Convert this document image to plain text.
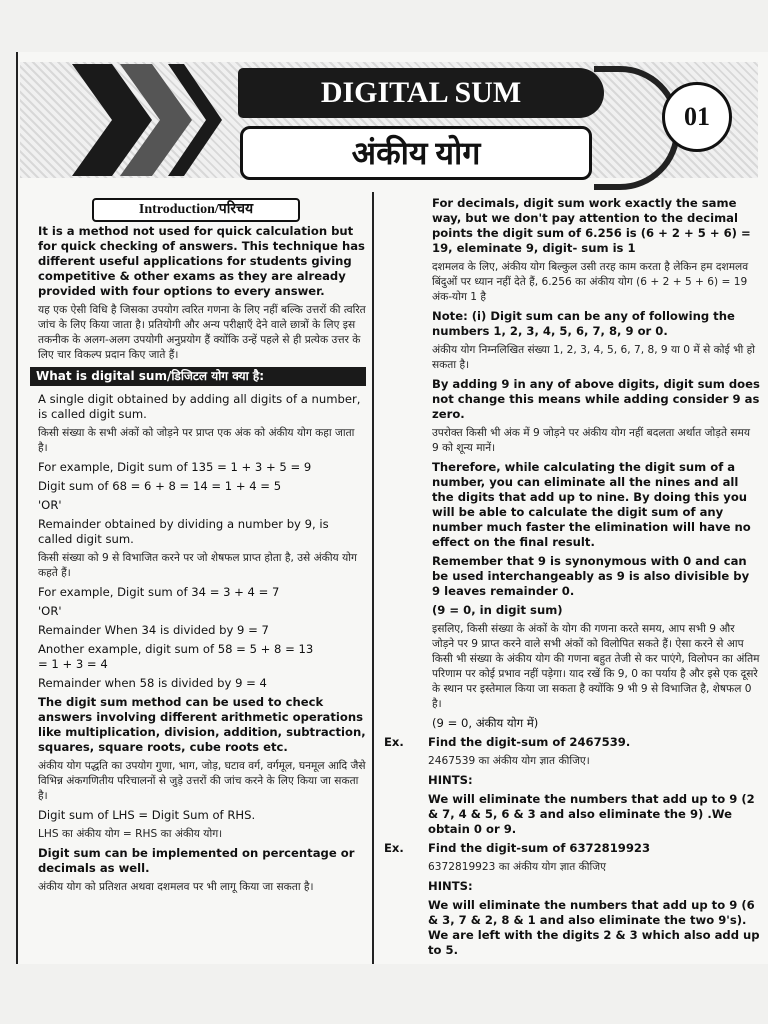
DIGITAL SUM
अंकीय योग
01
Introduction/परिचय

It is a method not used for quick calculation but for quick checking of answers. This technique has different useful applications for students giving competitive & other exams as they are already provided with four options to every answer.

यह एक ऐसी विधि है जिसका उपयोग त्वरित गणना के लिए नहीं बल्कि उत्तरों की त्वरित जांच के लिए किया जाता है। प्रतियोगी और अन्य परीक्षाएँ देने वाले छात्रों के लिए इस तकनीक के अलग-अलग उपयोगी अनुप्रयोग हैं क्योंकि उन्हें पहले से ही प्रत्येक उत्तर के लिए चार विकल्प प्रदान किए जाते हैं।

What is digital sum/डिजिटल योग क्या है:

A single digit obtained by adding all digits of a number, is called digit sum.

किसी संख्या के सभी अंकों को जोड़ने पर प्राप्त एक अंक को अंकीय योग कहा जाता है।

For example, Digit sum of 135 = 1 + 3 + 5 = 9

Digit sum of 68 = 6 + 8 = 14 = 1 + 4 = 5

'OR'

Remainder obtained by dividing a number by 9, is called digit sum.

किसी संख्या को 9 से विभाजित करने पर जो शेषफल प्राप्त होता है, उसे अंकीय योग कहते हैं।

For example, Digit sum of 34 = 3 + 4 = 7

'OR'

Remainder When 34 is divided by 9 = 7

Another example, digit sum of 58 = 5 + 8 = 13

= 1 + 3 = 4

Remainder when 58 is divided by 9 = 4

The digit sum method can be used to check answers involving different arithmetic operations like multiplication, division, addition, subtraction, squares, square roots, cube roots etc.

अंकीय योग पद्धति का उपयोग गुणा, भाग, जोड़, घटाव वर्ग, वर्गमूल, घनमूल आदि जैसे विभिन्न अंकगणितीय परिचालनों से जुड़े उत्तरों की जांच करने के लिए किया जा सकता है।

Digit sum of LHS = Digit Sum of RHS.

LHS का अंकीय योग = RHS का अंकीय योग।

Digit sum can be implemented on percentage or decimals as well.

अंकीय योग को प्रतिशत अथवा दशमलव पर भी लागू किया जा सकता है।

For decimals, digit sum work exactly the same way, but we don't pay attention to the decimal points the digit sum of 6.256 is (6 + 2 + 5 + 6) = 19, eleminate 9, digit- sum is 1

दशमलव के लिए, अंकीय योग बिल्कुल उसी तरह काम करता है लेकिन हम दशमलव बिंदुओं पर ध्यान नहीं देते हैं, 6.256 का अंकीय योग (6 + 2 + 5 + 6) = 19 अंक-योग 1 है

Note: (i) Digit sum can be any of following the numbers 1, 2, 3, 4, 5, 6, 7, 8, 9 or 0.

अंकीय योग निम्नलिखित संख्या 1, 2, 3, 4, 5, 6, 7, 8, 9 या 0 में से कोई भी हो सकता है।

By adding 9 in any of above digits, digit sum does not change this means while adding consider 9 as zero.

उपरोक्त किसी भी अंक में 9 जोड़ने पर अंकीय योग नहीं बदलता अर्थात जोड़ते समय 9 को शून्य मानें।

Therefore, while calculating the digit sum of a number, you can eliminate all the nines and all the digits that add up to nine. By doing this you will be able to calculate the digit sum of any number much faster the elimination will have no effect on the final result.

Remember that 9 is synonymous with 0 and can be used interchangeably as 9 is also divisible by 9 leaves remainder 0.

(9 = 0, in digit sum)

इसलिए, किसी संख्या के अंकों के योग की गणना करते समय, आप सभी 9 और जोड़ने पर 9 प्राप्त करने वाले सभी अंकों को विलोपित सकते हैं। ऐसा करने से आप किसी भी संख्या के अंकीय योग की गणना बहुत तेजी से कर पाएंगे, विलोपन का अंतिम परिणाम पर कोई प्रभाव नहीं पड़ेगा। याद रखें कि 9, 0 का पर्याय है और इसे एक दूसरे के स्थान पर इस्तेमाल किया जा सकता है क्योंकि 9 भी 9 से विभाजित है, शेषफल 0 है।

(9 = 0, अंकीय योग में)

Ex. Find the digit-sum of 2467539.

2467539 का अंकीय योग ज्ञात कीजिए।

HINTS:

We will eliminate the numbers that add up to 9 (2 & 7, 4 & 5, 6 & 3 and also eliminate the 9) .We obtain 0 or 9.

Ex. Find the digit-sum of 6372819923

6372819923 का अंकीय योग ज्ञात कीजिए

HINTS:

We will eliminate the numbers that add up to 9 (6 & 3, 7 & 2, 8 & 1 and also eliminate the two 9's). We are left with the digits 2 & 3 which also add up to 5.
